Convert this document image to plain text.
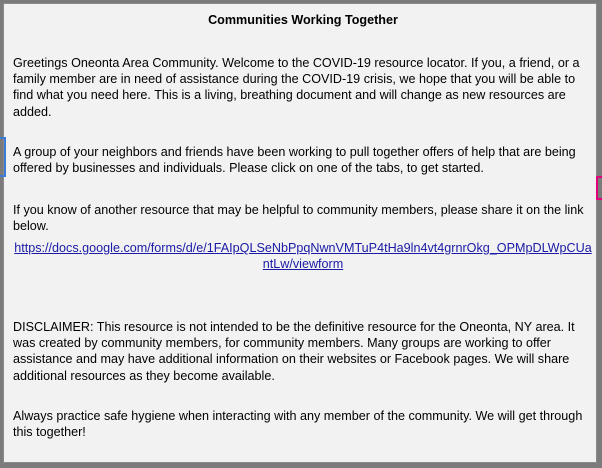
Communities Working Together
Greetings Oneonta Area Community. Welcome to the COVID-19 resource locator. If you, a friend, or a family member are in need of assistance during the COVID-19 crisis, we hope that you will be able to find what you need here. This is a living, breathing document and will change as new resources are added.
A group of your neighbors and friends have been working to pull together offers of help that are being offered by businesses and individuals. Please click on one of the tabs, to get started.
If you know of another resource that may be helpful to community members, please share it on the link below.
https://docs.google.com/forms/d/e/1FAIpQLSeNbPpqNwnVMTuP4tHa9ln4vt4grnrOkg_OPMpDLWpCUantLw/viewform
DISCLAIMER: This resource is not intended to be the definitive resource for the Oneonta, NY area. It was created by community members, for community members. Many groups are working to offer assistance and may have additional information on their websites or Facebook pages. We will share additional resources as they become available.
Always practice safe hygiene when interacting with any member of the community. We will get through this together!
